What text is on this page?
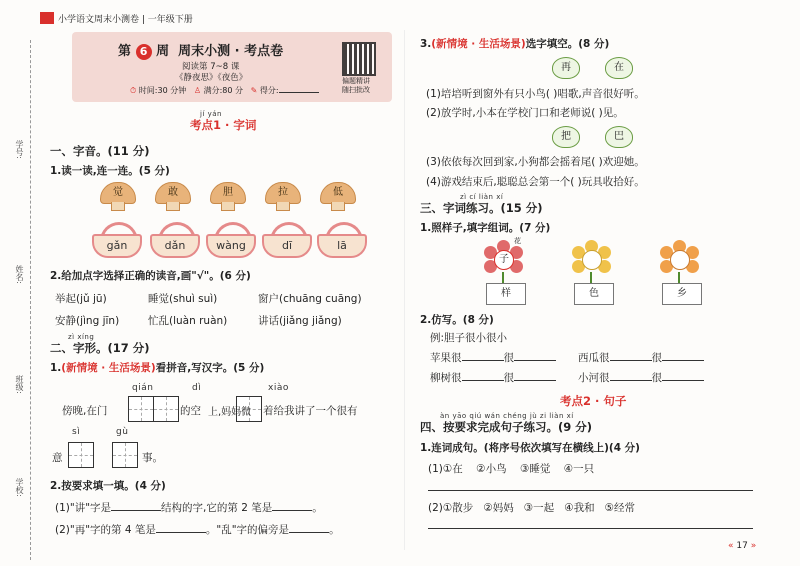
小学语文周末小测卷 | 一年级下册
学号:
姓名:
班级:
学校:
第 6 周 周末小测 · 考点卷
阅读第 7~8 课
《静夜思》《夜色》
⏱ 时间:30 分钟 ♙ 满分:80 分 ✎ 得分:
偏题精讲
随扫批改
jí yán
考点1 · 字词
一、字音。(11 分)
1.读一读,连一连。(5 分)
觉	敢	胆	拉	低
gǎn	dǎn	wàng	dī	lā
2.给加点字选择正确的读音,画"√"。(6 分)
举起(jǔ jū)	睡觉(shuì suì)	窗户(chuāng cuāng)
安静(jìng jīn)	忙乱(luàn ruàn)	讲话(jiǎng jiǎng)
zì xíng
二、字形。(17 分)
1.(新情境 · 生活场景)看拼音,写汉字。(5 分)
qián	dì	xiào
傍晚,在门	的空	着给我讲了一个很有
上,妈妈微
sì	gù
意	事。
2.按要求填一填。(4 分)
(1)"讲"字是	结构的字,它的第 2 笔是	。
(2)"再"字的第 4 笔是	。"乱"字的偏旁是	。
3.(新情境 · 生活场景)选字填空。(8 分)
再	在
(1)培培听到窗外有只小鸟( )唱歌,声音很好听。
(2)放学时,小本在学校门口和老师说( )见。
把	巴
(3)依依每次回到家,小狗都会摇着尾( )欢迎她。
(4)游戏结束后,聪聪总会第一个( )玩具收拾好。
zì cí liàn xí
三、字词练习。(15 分)
1.照样子,填字组词。(7 分)
子
花
样	色	乡
2.仿写。(8 分)
例:胆子很小很小
苹果很	很	西瓜很	很
柳树很	很	小河很	很
考点2 · 句子
àn yāo qiú wán chéng jù zi liàn xí
四、按要求完成句子练习。(9 分)
1.连词成句。(将序号依次填写在横线上)(4 分)
(1)①在 ②小鸟 ③睡觉 ④一只
(2)①散步 ②妈妈 ③一起 ④我和 ⑤经常
« 17 »
